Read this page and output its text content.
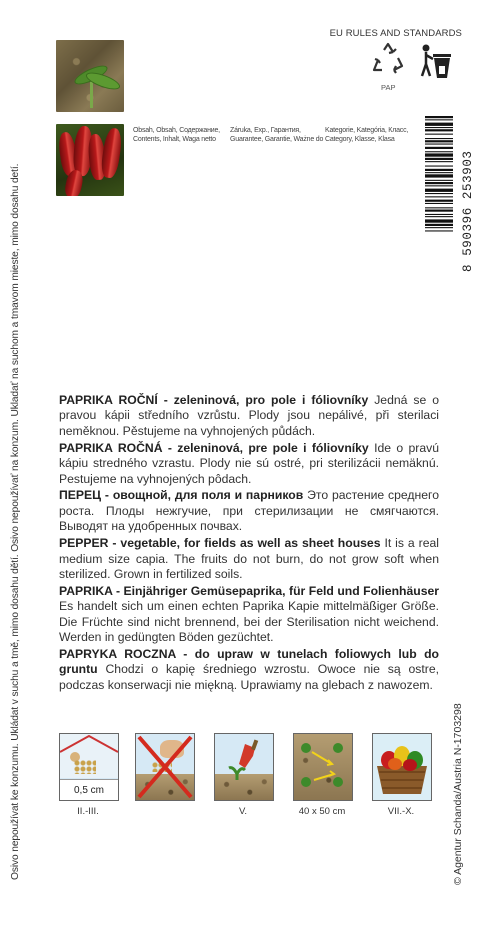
Osivo nepoužívat ke konzumu. Ukládat v suchu a tmě, mimo dosahu dětí. Osivo nepoužívať na konzum. Ukladať na suchom a tmavom mieste, mimo dosahu detí.	© Agentur Schanda/Austria N-1703298
EU RULES AND STANDARDS
PAP
Obsah, Obsah, Содержание,
Contents, Inhalt, Waga netto
Záruka, Exp., Гарантия,
Guarantee, Garantie, Ważne do
Kategorie, Kategória, Класс,
Category, Klasse, Klasa
8 590396 253903

PAPRIKA ROČNÍ - zeleninová, pro pole i fóliovníky Jedná se o pravou kápii středního vzrůstu. Plody jsou nepálivé, při sterilaci neměknou. Pěstujeme na vyhnojených půdách.

PAPRIKA ROČNÁ - zeleninová, pre pole i fóliovníky Ide o pravú kápiu stredného vzrastu. Plody nie sú ostré, pri sterilizácii nemäknú. Pestujeme na vyhnojených pôdach.

ПЕРЕЦ - овощной, для поля и парников Это растение среднего роста. Плоды нежгучие, при стерилизации не смягчаются. Выводят на удобренных почвах.

PEPPER - vegetable, for fields as well as sheet houses It is a real medium size capia. The fruits do not burn, do not grow soft when sterilized. Grown in fertilized soils.

PAPRIKA - Einjähriger Gemüsepaprika, für Feld und Folienhäuser Es handelt sich um einen echten Paprika Kapie mittelmäßiger Größe. Die Früchte sind nicht brennend, bei der Sterilisation nicht weichend. Werden in gedüngten Böden gezüchtet.

PAPRYKA ROCZNA - do upraw w tunelach foliowych lub do gruntu Chodzi o kapię średniego wzrostu. Owoce nie są ostre, podczas konserwacji nie miękną. Uprawiamy na glebach z nawozem.

0,5 cm
II.-III.	V.	40 x 50 cm	VII.-X.
